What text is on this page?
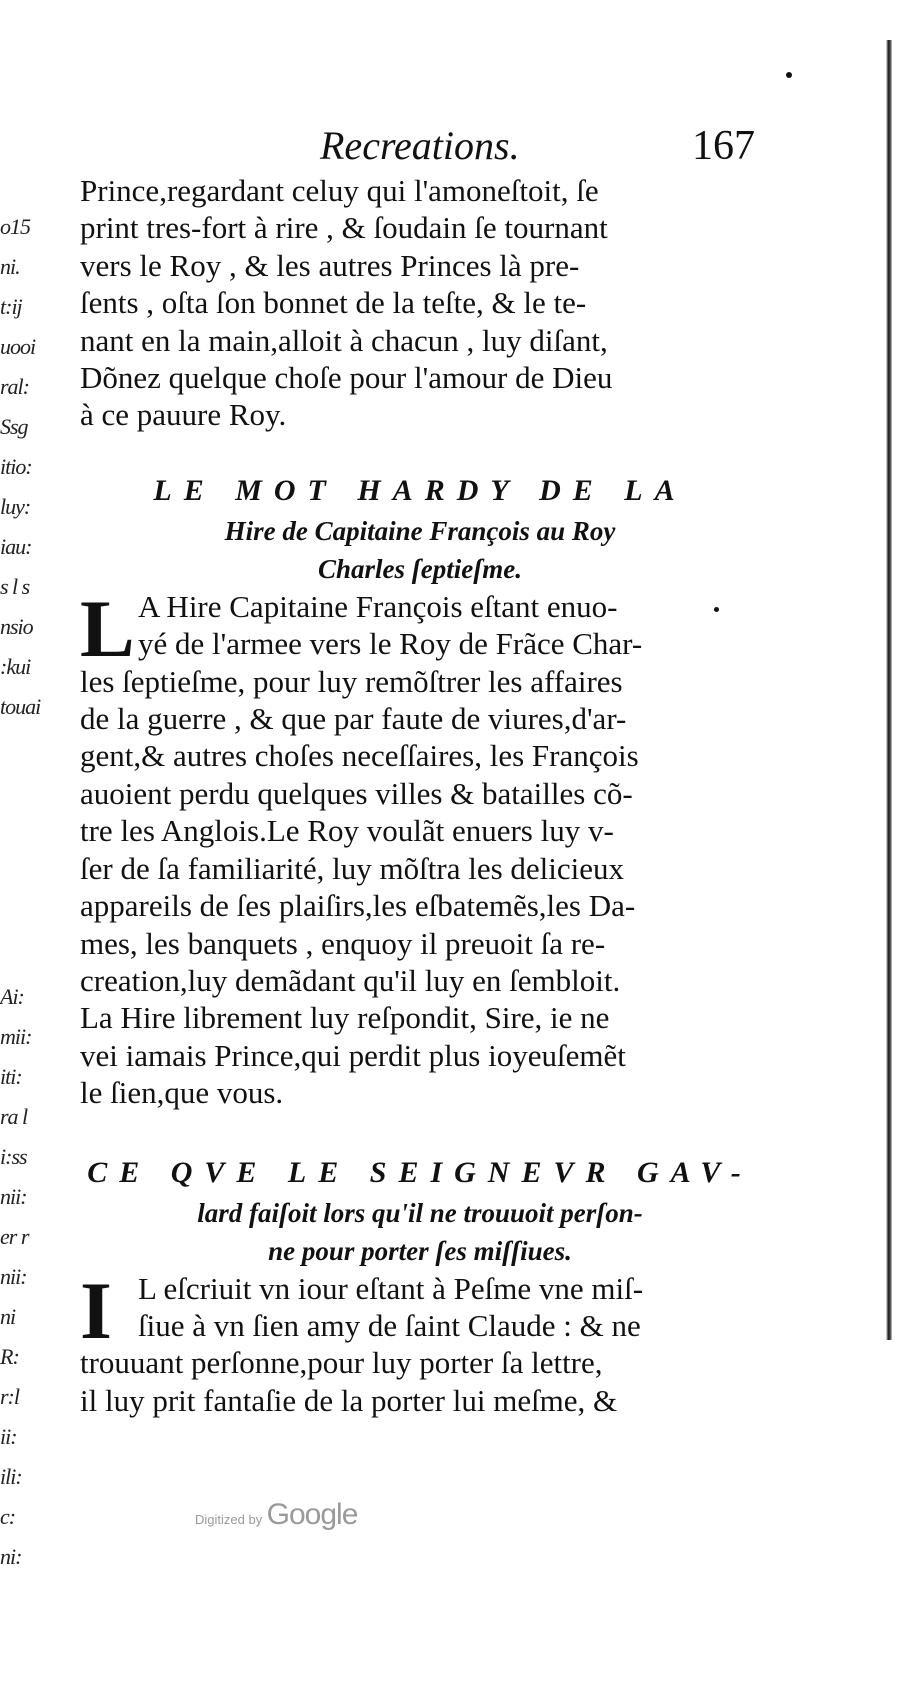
o15
ni.
t:ij
uooi
ral:
Ssg
itio:
luy:
iau:
s l s
nsio
:kui
touai
Ai:
mii:
iti:
ra l
i:ss
nii:
er r
nii:
ni
R:
r:l
ii:
ili:
c:
ni:
Recreations.	167

Prince,regardant celuy qui l'amoneſtoit, ſe
print tres-fort à rire , & ſoudain ſe tournant
vers le Roy , & les autres Princes là pre-
ſents , oſta ſon bonnet de la teſte, & le te-
nant en la main,alloit à chacun , luy diſant,
Dõnez quelque choſe pour l'amour de Dieu
à ce pauure Roy.

LE MOT HARDY DE LA
Hire de Capitaine François au Roy
Charles ſeptieſme.
L A Hire Capitaine François eſtant enuo-
yé de l'armee vers le Roy de Frãce Char-
les ſeptieſme, pour luy remõſtrer les affaires
de la guerre , & que par faute de viures,d'ar-
gent,& autres choſes neceſſaires, les François
auoient perdu quelques villes & batailles cõ-
tre les Anglois.Le Roy voulãt enuers luy v-
ſer de ſa familiarité, luy mõſtra les delicieux
appareils de ſes plaiſirs,les eſbatemẽs,les Da-
mes, les banquets , enquoy il preuoit ſa re-
creation,luy demãdant qu'il luy en ſembloit.
La Hire librement luy reſpondit, Sire, ie ne
vei iamais Prince,qui perdit plus ioyeuſemẽt
le ſien,que vous.
CE QVE LE SEIGNEVR GAV-
lard faiſoit lors qu'il ne trouuoit perſon-
ne pour porter ſes miſſiues.
I L eſcriuit vn iour eſtant à Peſme vne miſ-
ſiue à vn ſien amy de ſaint Claude : & ne
trouuant perſonne,pour luy porter ſa lettre,
il luy prit fantaſie de la porter lui meſme, &
Digitized by Google
